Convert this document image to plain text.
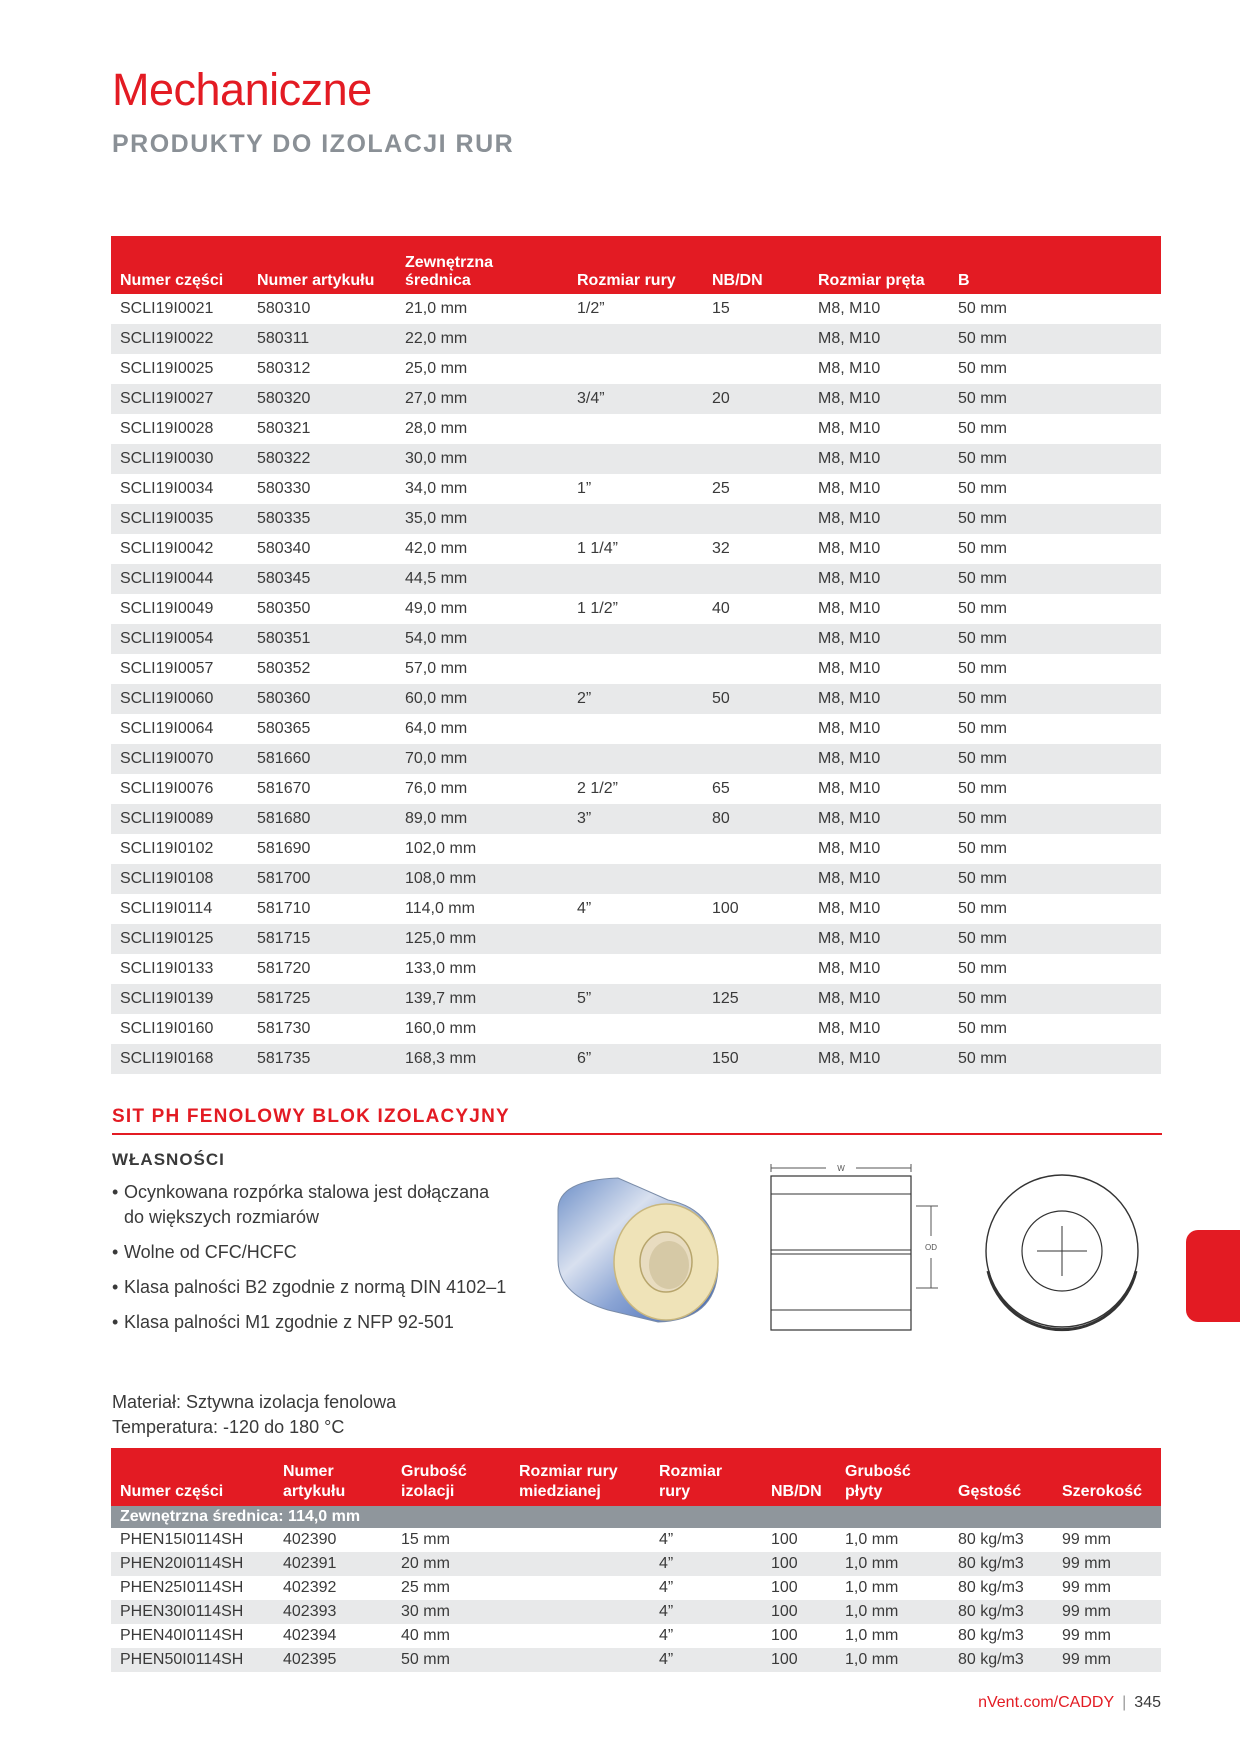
Mechaniczne
PRODUKTY DO IZOLACJI RUR
Numer części	Numer artykułu	Zewnętrzna średnica	Rozmiar rury	NB/DN	Rozmiar pręta	B
SCLI19I0021	580310	21,0 mm	1/2”	15	M8, M10	50 mm
SCLI19I0022	580311	22,0 mm			M8, M10	50 mm
SCLI19I0025	580312	25,0 mm			M8, M10	50 mm
SCLI19I0027	580320	27,0 mm	3/4”	20	M8, M10	50 mm
SCLI19I0028	580321	28,0 mm			M8, M10	50 mm
SCLI19I0030	580322	30,0 mm			M8, M10	50 mm
SCLI19I0034	580330	34,0 mm	1”	25	M8, M10	50 mm
SCLI19I0035	580335	35,0 mm			M8, M10	50 mm
SCLI19I0042	580340	42,0 mm	1 1/4”	32	M8, M10	50 mm
SCLI19I0044	580345	44,5 mm			M8, M10	50 mm
SCLI19I0049	580350	49,0 mm	1 1/2”	40	M8, M10	50 mm
SCLI19I0054	580351	54,0 mm			M8, M10	50 mm
SCLI19I0057	580352	57,0 mm			M8, M10	50 mm
SCLI19I0060	580360	60,0 mm	2”	50	M8, M10	50 mm
SCLI19I0064	580365	64,0 mm			M8, M10	50 mm
SCLI19I0070	581660	70,0 mm			M8, M10	50 mm
SCLI19I0076	581670	76,0 mm	2 1/2”	65	M8, M10	50 mm
SCLI19I0089	581680	89,0 mm	3”	80	M8, M10	50 mm
SCLI19I0102	581690	102,0 mm			M8, M10	50 mm
SCLI19I0108	581700	108,0 mm			M8, M10	50 mm
SCLI19I0114	581710	114,0 mm	4”	100	M8, M10	50 mm
SCLI19I0125	581715	125,0 mm			M8, M10	50 mm
SCLI19I0133	581720	133,0 mm			M8, M10	50 mm
SCLI19I0139	581725	139,7 mm	5”	125	M8, M10	50 mm
SCLI19I0160	581730	160,0 mm			M8, M10	50 mm
SCLI19I0168	581735	168,3 mm	6”	150	M8, M10	50 mm
SIT PH FENOLOWY BLOK IZOLACYJNY
WŁASNOŚCI
• Ocynkowana rozpórka stalowa jest dołączana do większych rozmiarów
• Wolne od CFC/HCFC
• Klasa palności B2 zgodnie z normą DIN 4102–1
• Klasa palności M1 zgodnie z NFP 92-501
Materiał: Sztywna izolacja fenolowa
Temperatura: -120 do 180 °C
W
OD
Numer części	Numer artykułu	Grubość izolacji	Rozmiar rury miedzianej	Rozmiar rury	NB/DN	Grubość płyty	Gęstość	Szerokość
Zewnętrzna średnica: 114,0 mm								
PHEN15I0114SH	402390	15 mm		4”	100	1,0 mm	80 kg/m3	99 mm
PHEN20I0114SH	402391	20 mm		4”	100	1,0 mm	80 kg/m3	99 mm
PHEN25I0114SH	402392	25 mm		4”	100	1,0 mm	80 kg/m3	99 mm
PHEN30I0114SH	402393	30 mm		4”	100	1,0 mm	80 kg/m3	99 mm
PHEN40I0114SH	402394	40 mm		4”	100	1,0 mm	80 kg/m3	99 mm
PHEN50I0114SH	402395	50 mm		4”	100	1,0 mm	80 kg/m3	99 mm
nVent.com/CADDY | 345
